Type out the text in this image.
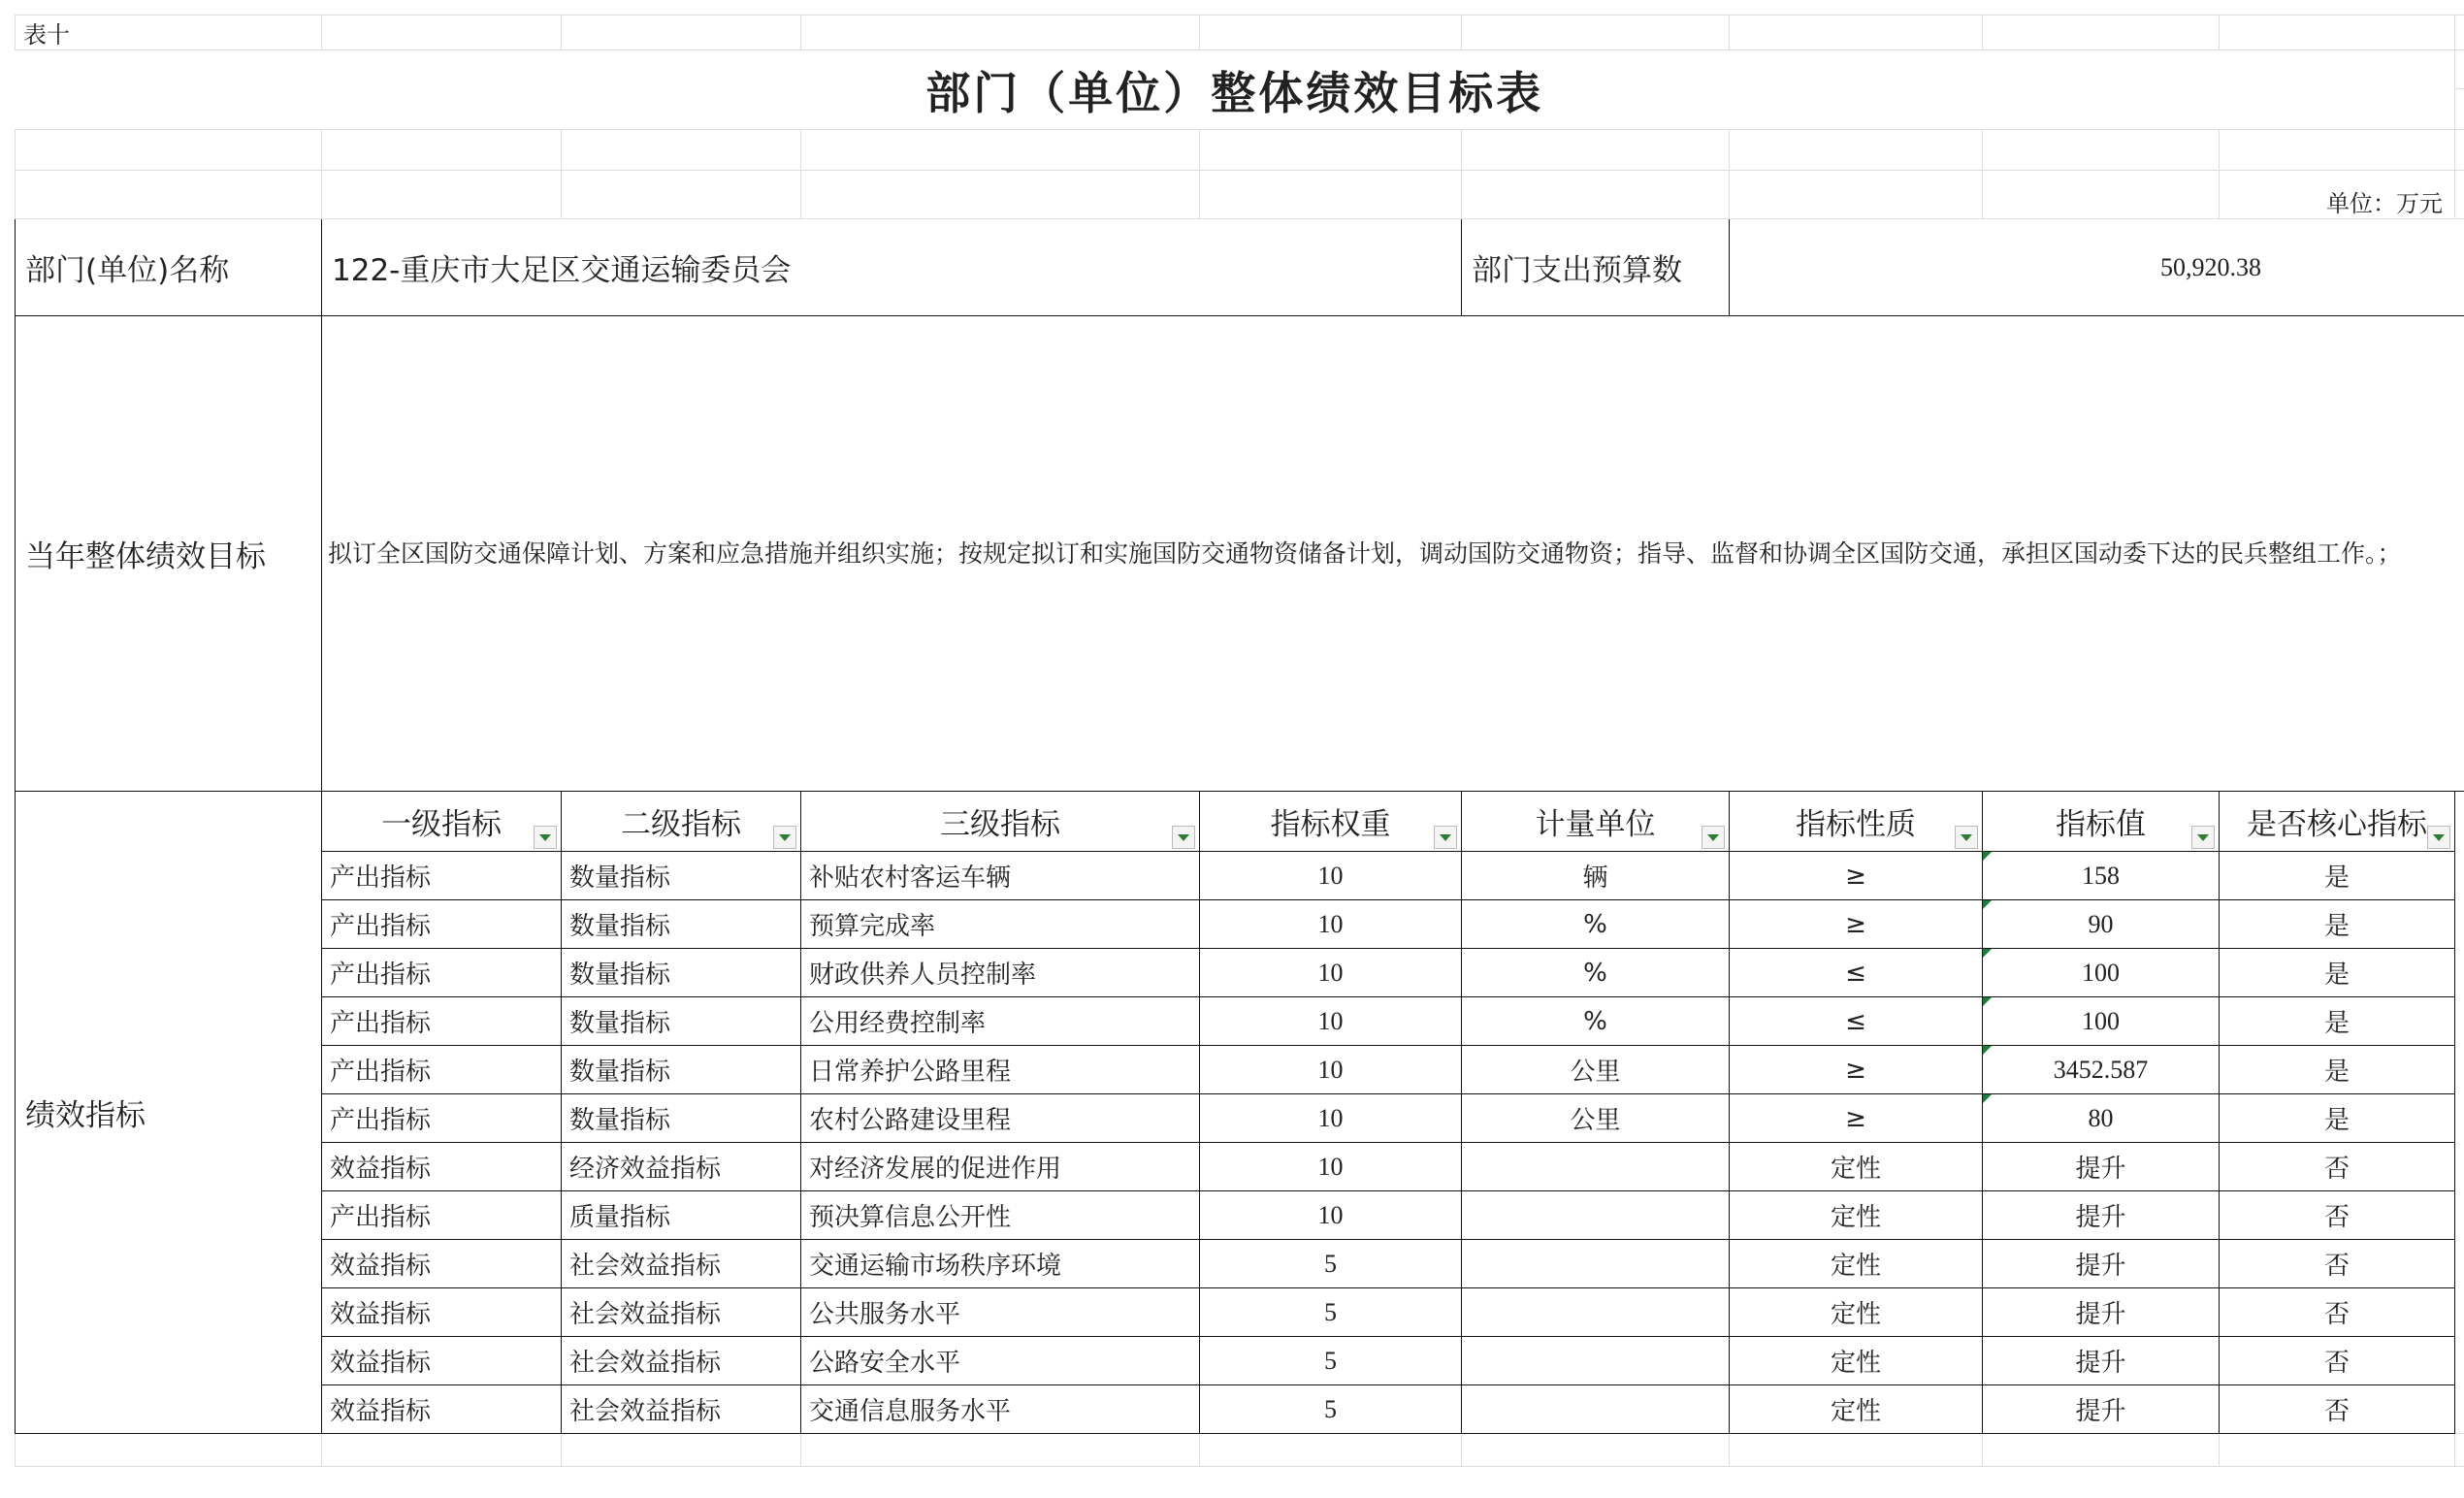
表十									
部门（单位）整体绩效目标表									

								单位：万元	
部门(单位)名称	122-重庆市大足区交通运输委员会				部门支出预算数	50,920.38			
当年整体绩效目标	拟订全区国防交通保障计划、方案和应急措施并组织实施；按规定拟订和实施国防交通物资储备计划，调动国防交通物资；指导、监督和协调全区国防交通，承担区国动委下达的民兵整组工作。；								
绩效指标	一级指标	二级指标	三级指标	指标权重	计量单位	指标性质	指标值	是否核心指标	

	产出指标	数量指标	补贴农村客运车辆	10	辆	≥	158	是	
	产出指标	数量指标	预算完成率	10	%	≥	90	是	
	产出指标	数量指标	财政供养人员控制率	10	%	≤	100	是	
	产出指标	数量指标	公用经费控制率	10	%	≤	100	是	
	产出指标	数量指标	日常养护公路里程	10	公里	≥	3452.587	是	
	产出指标	数量指标	农村公路建设里程	10	公里	≥	80	是	
	效益指标	经济效益指标	对经济发展的促进作用	10		定性	提升	否	
	产出指标	质量指标	预决算信息公开性	10		定性	提升	否	
	效益指标	社会效益指标	交通运输市场秩序环境	5		定性	提升	否	
	效益指标	社会效益指标	公共服务水平	5		定性	提升	否	
	效益指标	社会效益指标	公路安全水平	5		定性	提升	否	
	效益指标	社会效益指标	交通信息服务水平	5		定性	提升	否	
